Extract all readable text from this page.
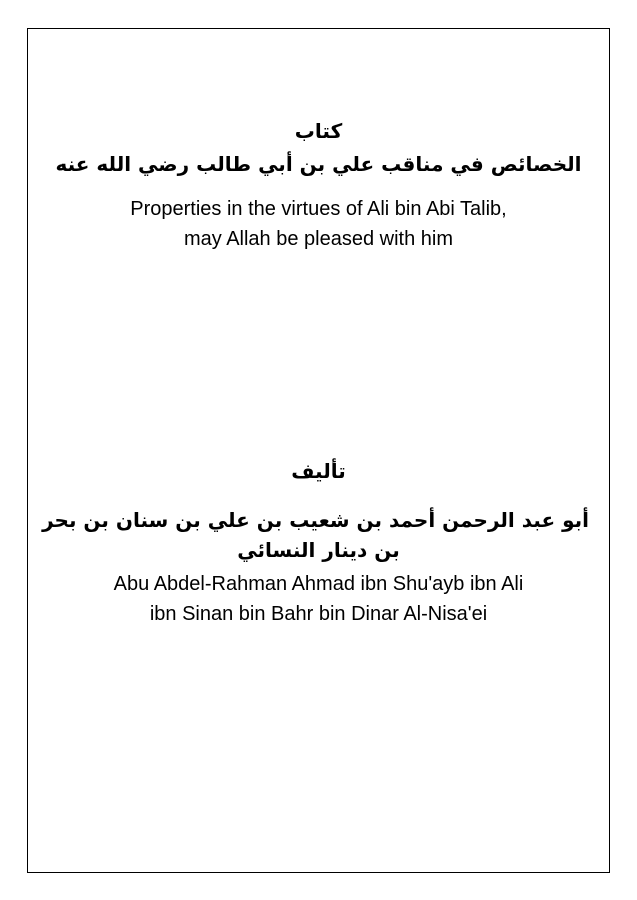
كتاب
الخصائص في مناقب علي بن أبي طالب رضي الله عنه
Properties in the virtues of Ali bin Abi Talib,
may Allah be pleased with him
تأليف
أبو عبد الرحمن أحمد بن شعيب بن علي بن سنان بن بحر
بن دينار النسائي
Abu Abdel-Rahman Ahmad ibn Shu'ayb ibn Ali
ibn Sinan bin Bahr bin Dinar Al-Nisa'ei
